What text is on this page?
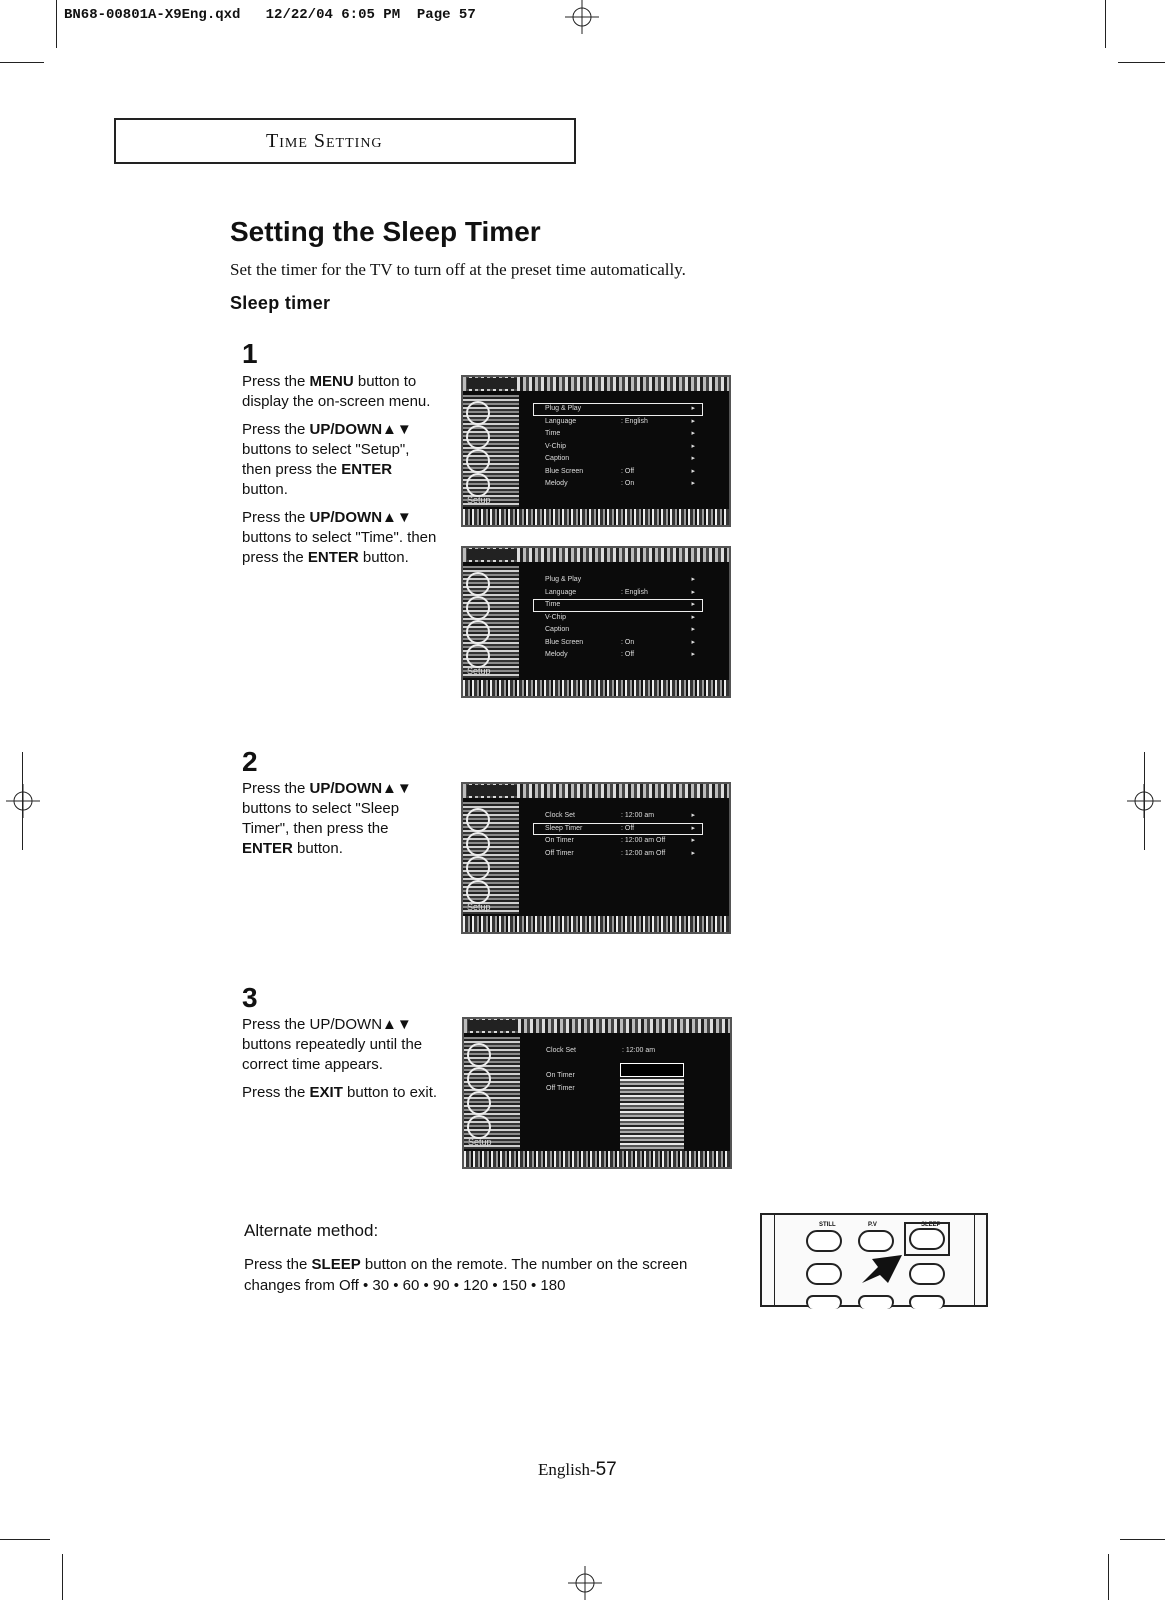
BN68-00801A-X9Eng.qxd 12/22/04 6:05 PM Page 57
Time Setting
Setting the Sleep Timer
Set the timer for the TV to turn off at the preset time automatically.
Sleep timer
1

Press the MENU button to display the on-screen menu.

Press the UP/DOWN▲▼ buttons to select "Setup", then press the ENTER button.

Press the UP/DOWN▲▼ buttons to select "Time". then press the ENTER button.

2

Press the UP/DOWN▲▼ buttons to select "Sleep Timer", then press the ENTER button.

3

Press the UP/DOWN▲▼ buttons repeatedly until the correct time appears.

Press the EXIT button to exit.

Setup
Plug & Play	▸
Language	: English	▸
Time	▸
V-Chip	▸
Caption	▸
Blue Screen	: Off	▸
Melody	: On	▸
Setup
Plug & Play	▸
Language	: English	▸
Time	▸
V-Chip	▸
Caption	▸
Blue Screen	: On	▸
Melody	: Off	▸
Setup
Clock Set	: 12:00 am	▸
Sleep Timer	: Off	▸
On Timer	: 12:00 am Off	▸
Off Timer	: 12:00 am Off	▸
Setup
Clock Set	: 12:00 am
On Timer
Off Timer
Alternate method:
Press the SLEEP button on the remote. The number on the screen changes from Off • 30 • 60 • 90 • 120 • 150 • 180
STILL	P.V	SLEEP
English-57
